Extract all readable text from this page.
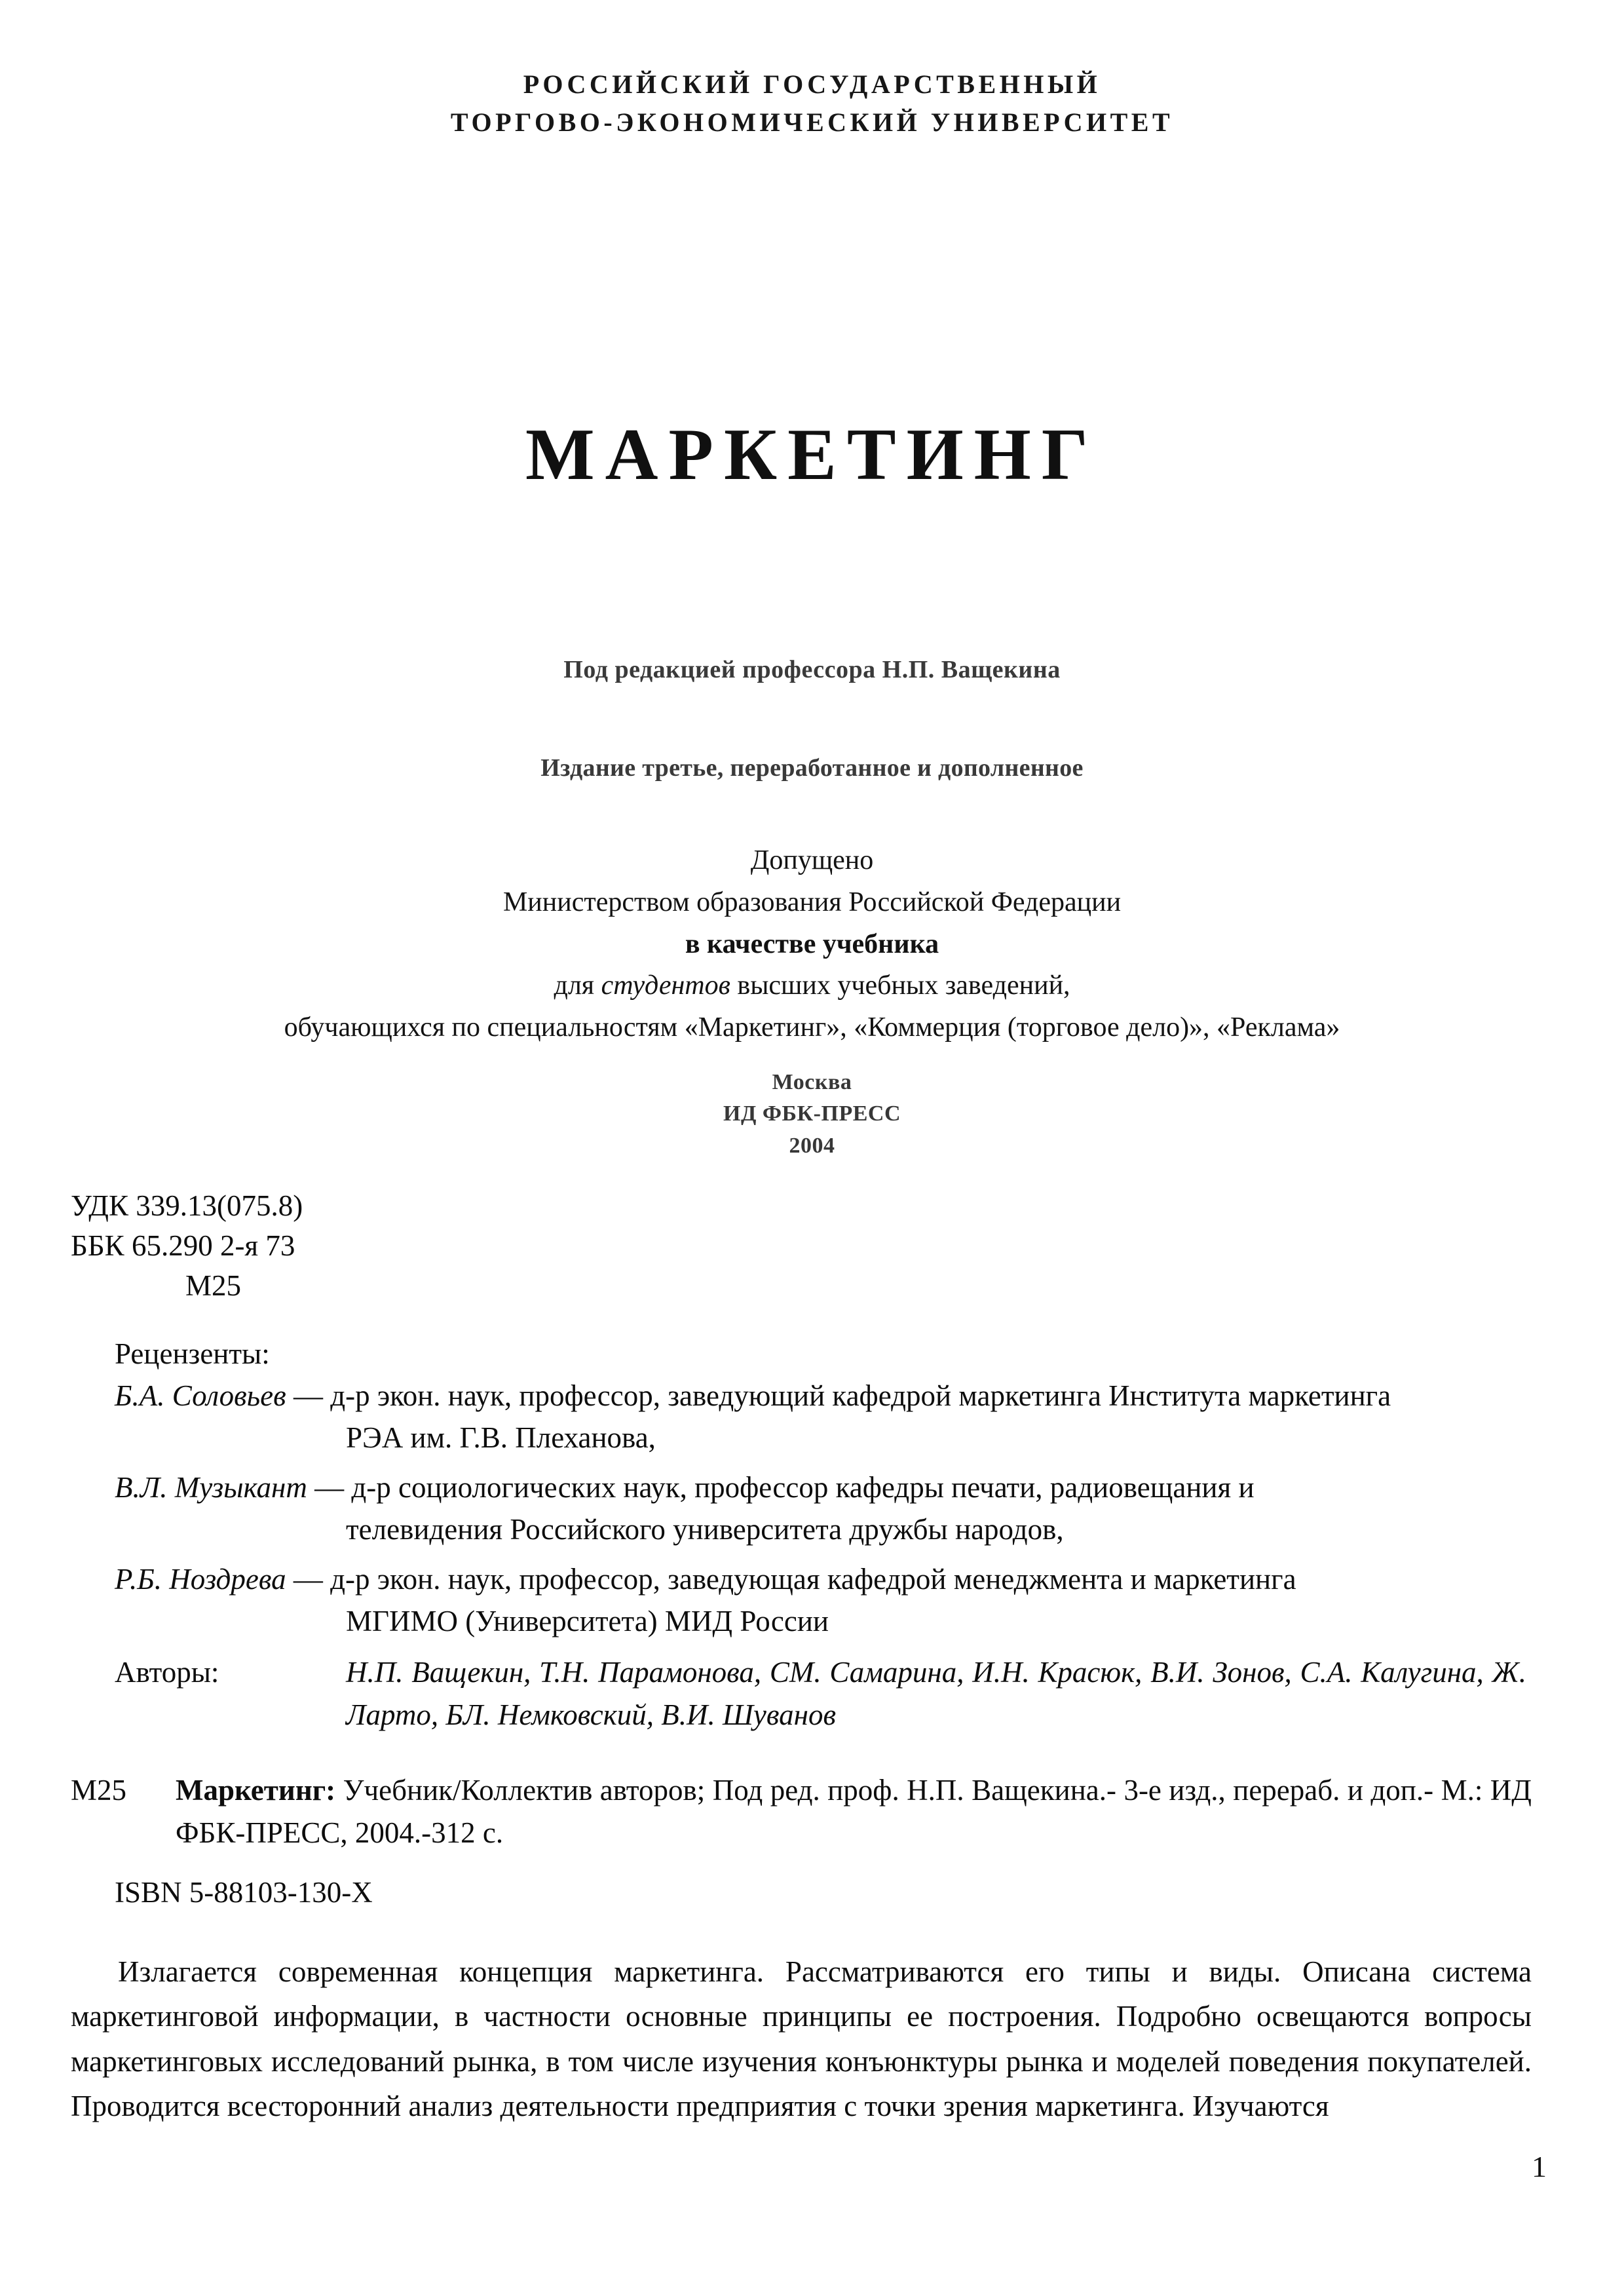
РОССИЙСКИЙ ГОСУДАРСТВЕННЫЙ
ТОРГОВО-ЭКОНОМИЧЕСКИЙ УНИВЕРСИТЕТ
МАРКЕТИНГ
Под редакцией профессора Н.П. Ващекина
Издание третье, переработанное и дополненное
Допущено
Министерством образования Российской Федерации
в качестве учебника
для студентов высших учебных заведений,
обучающихся по специальностям «Маркетинг», «Коммерция (торговое дело)», «Реклама»
Москва
ИД ФБК-ПРЕСС
2004
УДК 339.13(075.8)
ББК 65.290 2-я 73
М25
Рецензенты:
Б.А. Соловьев — д-р экон. наук, профессор, заведующий кафедрой маркетинга Института маркетинга
РЭА им. Г.В. Плеханова,
В.Л. Музыкант — д-р социологических наук, профессор кафедры печати, радиовещания и
телевидения Российского университета дружбы народов,
Р.Б. Ноздрева — д-р экон. наук, профессор, заведующая кафедрой менеджмента и маркетинга
МГИМО (Университета) МИД России
Авторы:	Н.П. Ващекин, Т.Н. Парамонова, СМ. Самарина, И.Н. Красюк, В.И. Зонов, С.А. Калугина, Ж. Ларто, БЛ. Немковский, В.И. Шуванов
М25	Маркетинг: Учебник/Коллектив авторов; Под ред. проф. Н.П. Ващекина.- 3-е изд., перераб. и доп.- М.: ИД ФБК-ПРЕСС, 2004.-312 с.
ISBN 5-88103-130-X
Излагается современная концепция маркетинга. Рассматриваются его типы и виды. Описана система маркетинговой информации, в частности основные принципы ее построения. Подробно освещаются вопросы маркетинговых исследований рынка, в том числе изучения конъюнктуры рынка и моделей поведения покупателей. Проводится всесторонний анализ деятельности предприятия с точки зрения маркетинга. Изучаются
1
